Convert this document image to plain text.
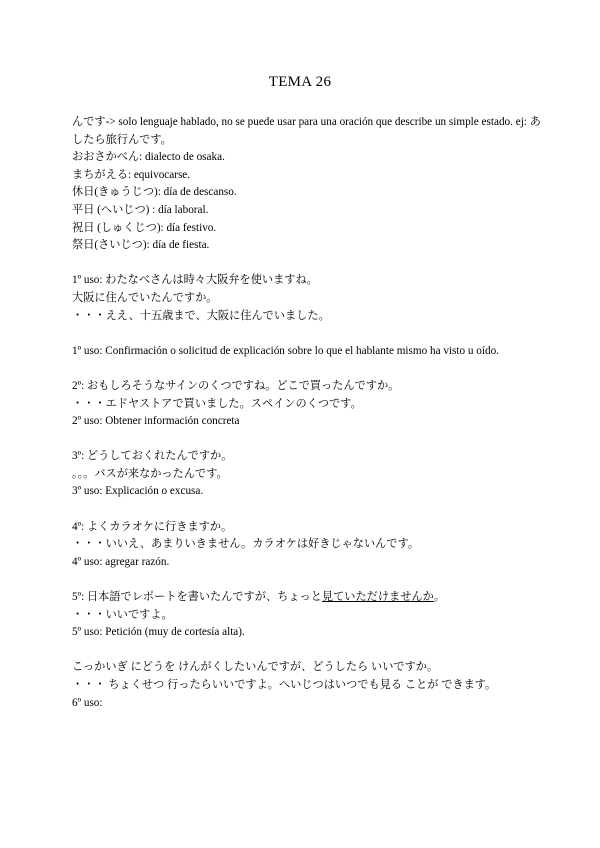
TEMA 26
んです-> solo lenguaje hablado, no se puede usar para una oración que describe un simple estado. ej: あしたら旅行んです。
おおさかべん: dialecto de osaka.
まちがえる: equivocarse.
休日(きゅうじつ): día de descanso.
平日 (へいじつ) : día laboral.
祝日 (しゅくじつ): día festivo.
祭日(さいじつ): día de fiesta.
1º uso: わたなべさんは時々大阪弁を使いますね。
大阪に住んでいたんですか。
・・・ええ、十五歳まで、大阪に住んでいました。
1º uso: Confirmación o solicitud de explicación sobre lo que el hablante mismo ha visto u oído.
2º: おもしろそうなサインのくつですね。どこで買ったんですか。
・・・エドヤストアで買いました。スペインのくつです。
2º uso: Obtener información concreta
3º: どうしておくれたんですか。
。。。バスが来なかったんです。
3º uso: Explicación o excusa.
4º: よくカラオケに行きますか。
・・・いいえ、あまりいきません。カラオケは好きじゃないんです。
4º uso: agregar razón.
5º: 日本語でレポートを書いたんですが、ちょっと見ていただけませんか。
・・・いいですよ。
5º uso: Petición (muy de cortesía alta).
こっかいぎ にどうを けんがくしたいんですが、どうしたら いいですか。
・・・ ちょくせつ 行ったらいいですよ。へいじつはいつでも見る ことが できます。
6º uso:
